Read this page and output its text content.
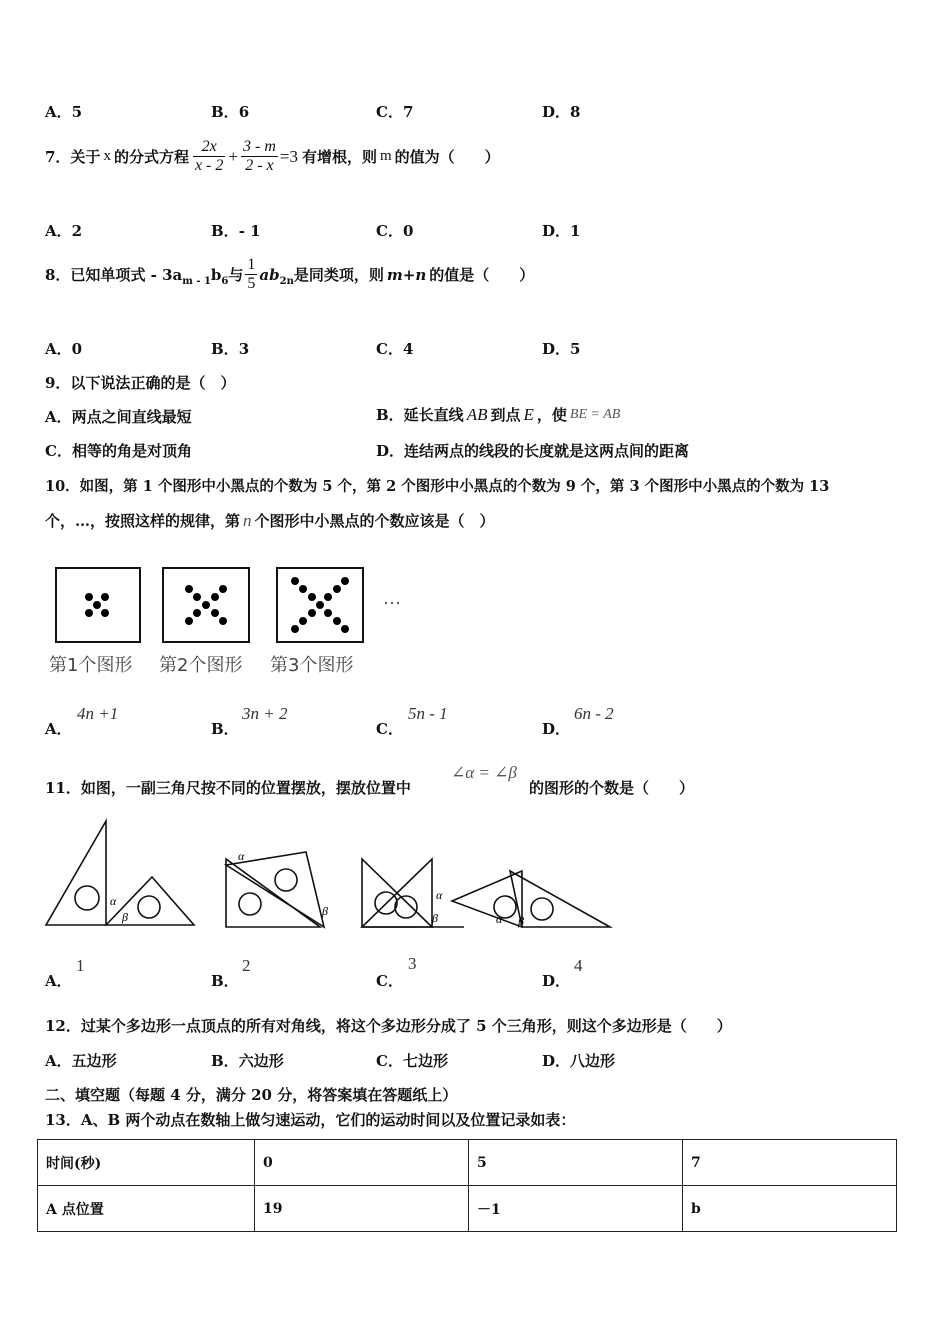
A．5	B．6	C．7	D．8
7．关于 x 的分式方程 $\frac{2x}{x - 2} + \frac{3 - m}{2 - x} =3$ 有增根，则 m 的值为（　　）
A．2	B．- 1	C．0	D．1
8．已知单项式 - $3a_{m - 1}$ $b_6$ 与 $\frac{1}{5} ab_{2n}$ 是同类项，则 m+n 的值是（　　）
A．0	B．3	C．4	D．5
9．以下说法正确的是（　）
A．两点之间直线最短	B．延长直线 AB 到点 E ，使 BE = AB
C．相等的角是对顶角	D．连结两点的线段的长度就是这两点间的距离
10．如图，第 1 个图形中小黑点的个数为 5 个，第 2 个图形中小黑点的个数为 9 个，第 3 个图形中小黑点的个数为 13
个，…，按照这样的规律，第 n 个图形中小黑点的个数应该是（　）
…
第1个图形 第2个图形 第3个图形
A．
4n +1
B．
3n + 2
C．
5n - 1
D．
6n - 2
11．如图，一副三角尺按不同的位置摆放，摆放位置中
∠α = ∠β
的图形的个数是（　　）
α
β
α
β
α
β	α β
A．
1
B．
2
C．
3
D．
4
12．过某个多边形一点顶点的所有对角线，将这个多边形分成了 5 个三角形，则这个多边形是（　　）
A．五边形	B．六边形	C．七边形	D．八边形
二、填空题（每题 4 分，满分 20 分，将答案填在答题纸上）
13．A、B 两个动点在数轴上做匀速运动，它们的运动时间以及位置记录如表：
时间(秒)	0	5	7
A 点位置	19	－1	b
